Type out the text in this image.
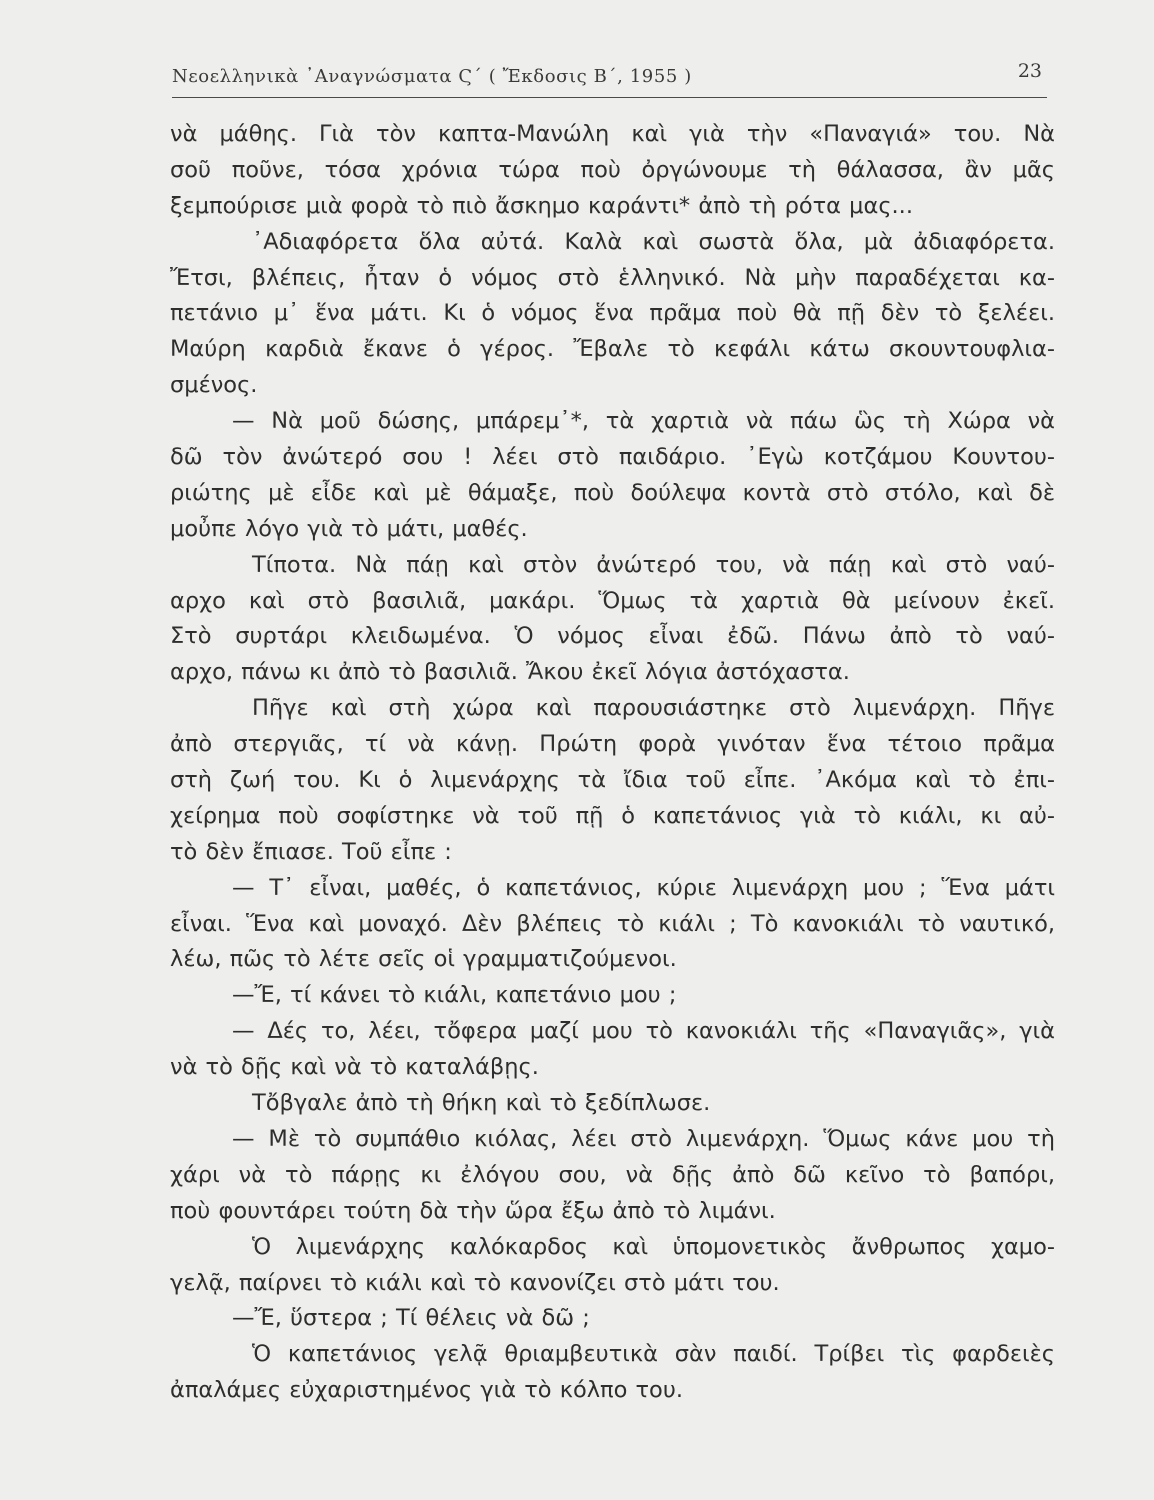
Νεοελληνικὰ ᾿Αναγνώσματα Ϛ΄ ( Ἔκδοσις Β΄, 1955 )	23
νὰ μάθης. Γιὰ τὸν καπτα-Μανώλη καὶ γιὰ τὴν «Παναγιά» του. Νὰ
σοῦ ποῦνε, τόσα χρόνια τώρα ποὺ ὀργώνουμε τὴ θάλασσα, ἂν μᾶς
ξεμπούρισε μιὰ φορὰ τὸ πιὸ ἄσκημο καράντι* ἀπὸ τὴ ρότα μας...
᾿Αδιαφόρετα ὅλα αὐτά. Καλὰ καὶ σωστὰ ὅλα, μὰ ἀδιαφόρετα.
Ἔτσι, βλέπεις, ἦταν ὁ νόμος στὸ ἑλληνικό. Νὰ μὴν παραδέχεται κα-
πετάνιο μ᾿ ἕνα μάτι. Κι ὁ νόμος ἕνα πρᾶμα ποὺ θὰ πῇ δὲν τὸ ξελέει.
Μαύρη καρδιὰ ἔκανε ὁ γέρος. Ἔβαλε τὸ κεφάλι κάτω σκουντουφλια-
σμένος.
— Νὰ μοῦ δώσης, μπάρεμ᾿*, τὰ χαρτιὰ νὰ πάω ὣς τὴ Χώρα νὰ
δῶ τὸν ἀνώτερό σου ! λέει στὸ παιδάριο. ᾿Εγὼ κοτζάμου Κουντου-
ριώτης μὲ εἶδε καὶ μὲ θάμαξε, ποὺ δούλεψα κοντὰ στὸ στόλο, καὶ δὲ
μοὖπε λόγο γιὰ τὸ μάτι, μαθές.
Τίποτα. Νὰ πάῃ καὶ στὸν ἀνώτερό του, νὰ πάῃ καὶ στὸ ναύ-
αρχο καὶ στὸ βασιλιᾶ, μακάρι. Ὅμως τὰ χαρτιὰ θὰ μείνουν ἐκεῖ.
Στὸ συρτάρι κλειδωμένα. Ὁ νόμος εἶναι ἐδῶ. Πάνω ἀπὸ τὸ ναύ-
αρχο, πάνω κι ἀπὸ τὸ βασιλιᾶ. Ἄκου ἐκεῖ λόγια ἀστόχαστα.
Πῆγε καὶ στὴ χώρα καὶ παρουσιάστηκε στὸ λιμενάρχη. Πῆγε
ἀπὸ στεργιᾶς, τί νὰ κάνῃ. Πρώτη φορὰ γινόταν ἕνα τέτοιο πρᾶμα
στὴ ζωή του. Κι ὁ λιμενάρχης τὰ ἴδια τοῦ εἶπε. ᾿Ακόμα καὶ τὸ ἐπι-
χείρημα ποὺ σοφίστηκε νὰ τοῦ πῇ ὁ καπετάνιος γιὰ τὸ κιάλι, κι αὐ-
τὸ δὲν ἔπιασε. Τοῦ εἶπε :
— Τ᾿ εἶναι, μαθές, ὁ καπετάνιος, κύριε λιμενάρχη μου ; Ἕνα μάτι
εἶναι. Ἕνα καὶ μοναχό. Δὲν βλέπεις τὸ κιάλι ; Τὸ κανοκιάλι τὸ ναυτικό,
λέω, πῶς τὸ λέτε σεῖς οἱ γραμματιζούμενοι.
—Ἔ, τί κάνει τὸ κιάλι, καπετάνιο μου ;
— Δές το, λέει, τὄφερα μαζί μου τὸ κανοκιάλι τῆς «Παναγιᾶς», γιὰ
νὰ τὸ δῇς καὶ νὰ τὸ καταλάβῃς.
Τὄβγαλε ἀπὸ τὴ θήκη καὶ τὸ ξεδίπλωσε.
— Μὲ τὸ συμπάθιο κιόλας, λέει στὸ λιμενάρχη. Ὅμως κάνε μου τὴ
χάρι νὰ τὸ πάρῃς κι ἐλόγου σου, νὰ δῇς ἀπὸ δῶ κεῖνο τὸ βαπόρι,
ποὺ φουντάρει τούτη δὰ τὴν ὥρα ἔξω ἀπὸ τὸ λιμάνι.
Ὁ λιμενάρχης καλόκαρδος καὶ ὑπομονετικὸς ἄνθρωπος χαμο-
γελᾷ, παίρνει τὸ κιάλι καὶ τὸ κανονίζει στὸ μάτι του.
—Ἔ, ὕστερα ; Τί θέλεις νὰ δῶ ;
Ὁ καπετάνιος γελᾷ θριαμβευτικὰ σὰν παιδί. Τρίβει τὶς φαρδειὲς
ἀπαλάμες εὐχαριστημένος γιὰ τὸ κόλπο του.
